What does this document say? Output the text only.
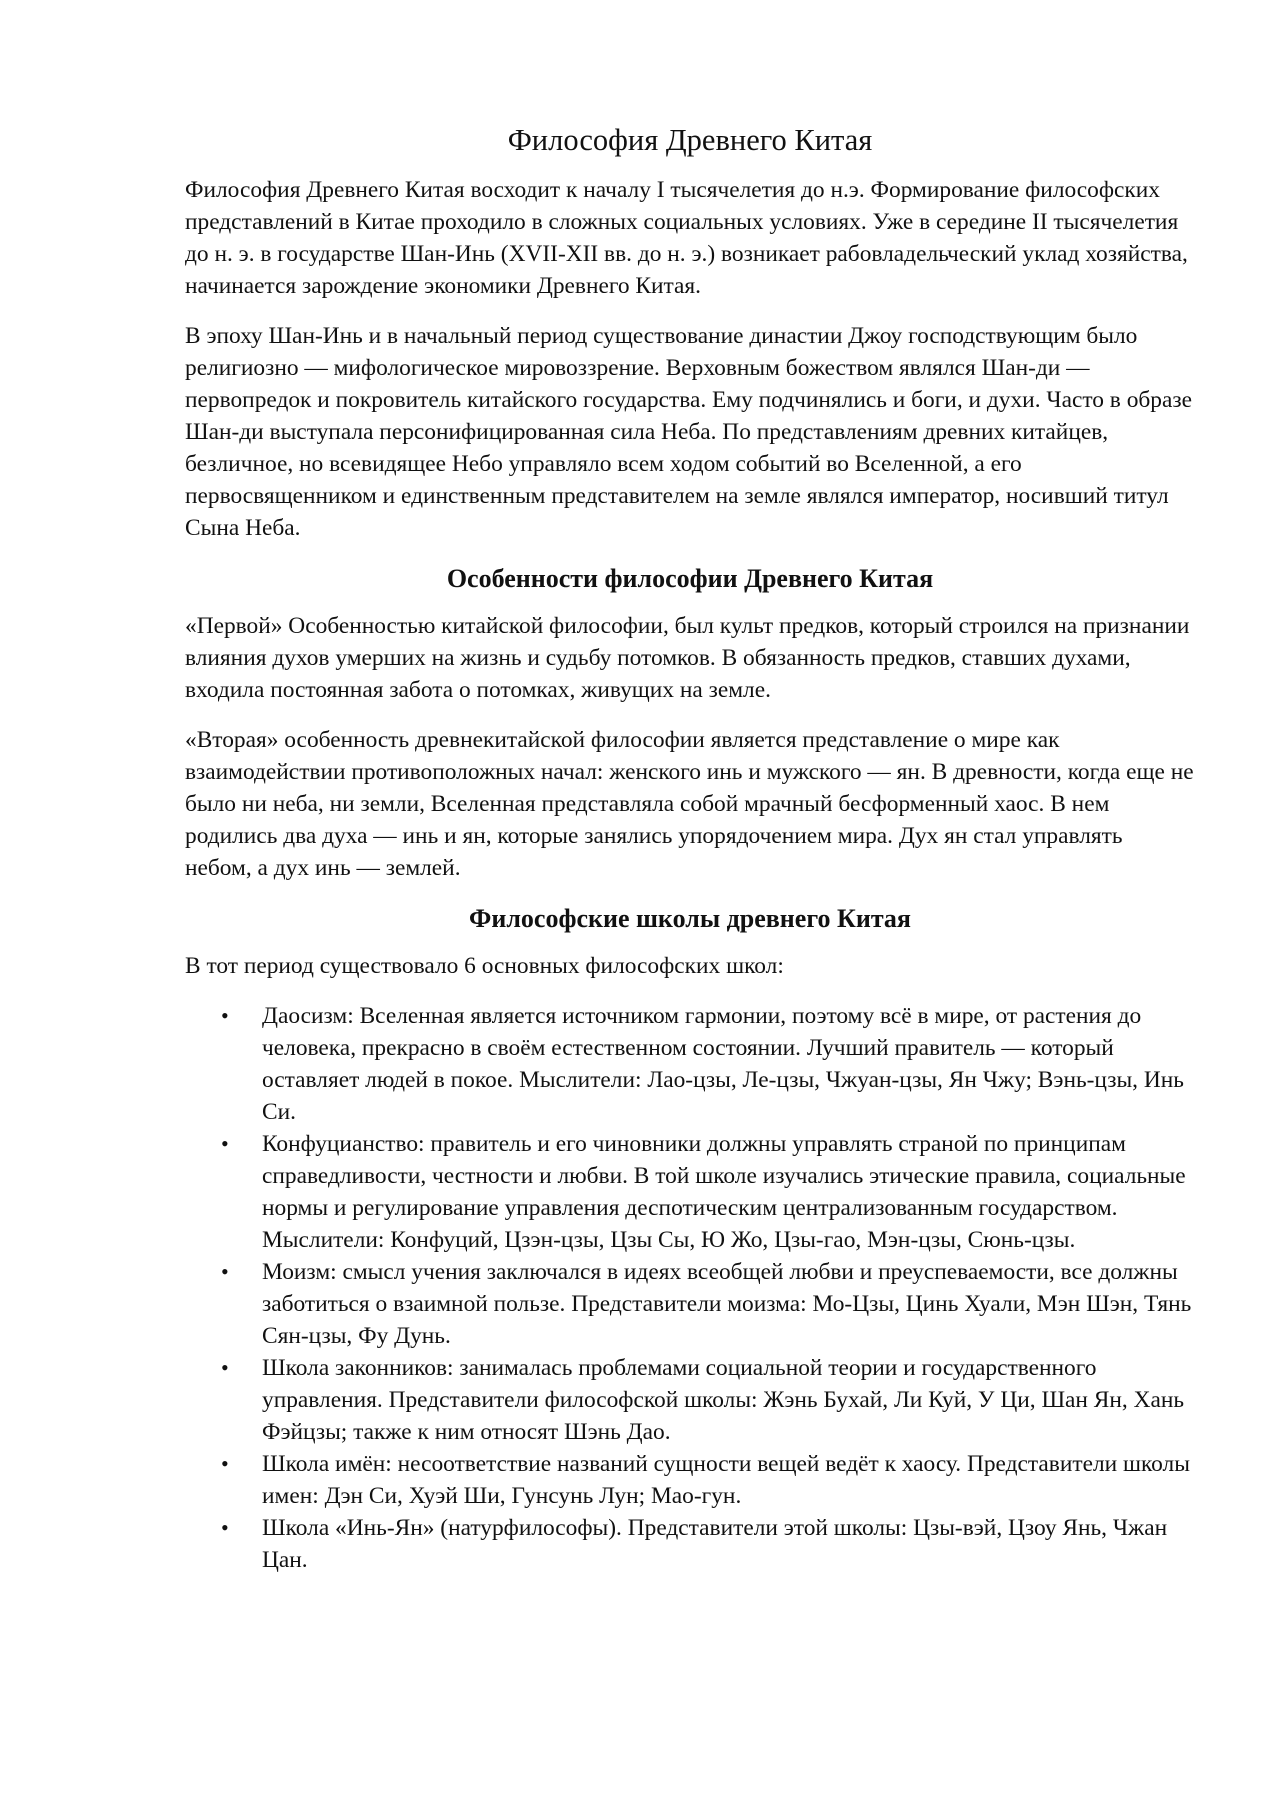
Философия Древнего Китая

Философия Древнего Китая восходит к началу I тысячелетия до н.э. Формирование философских представлений в Китае проходило в сложных социальных условиях. Уже в середине II тысячелетия до н. э. в государстве Шан-Инь (XVII-XII вв. до н. э.) возникает рабовладельческий уклад хозяйства, начинается зарождение экономики Древнего Китая.

В эпоху Шан-Инь и в начальный период существование династии Джоу господствующим было религиозно — мифологическое мировоззрение. Верховным божеством являлся Шан-ди — первопредок и покровитель китайского государства. Ему подчинялись и боги, и духи. Часто в образе Шан-ди выступала персонифицированная сила Неба. По представлениям древних китайцев, безличное, но всевидящее Небо управляло всем ходом событий во Вселенной, а его первосвященником и единственным представителем на земле являлся император, носивший титул Сына Неба.

Особенности философии Древнего Китая

«Первой» Особенностью китайской философии, был культ предков, который строился на признании влияния духов умерших на жизнь и судьбу потомков. В обязанность предков, ставших духами, входила постоянная забота о потомках, живущих на земле.

«Вторая» особенность древнекитайской философии является представление о мире как взаимодействии противоположных начал: женского инь и мужского — ян. В древности, когда еще не было ни неба, ни земли, Вселенная представляла собой мрачный бесформенный хаос. В нем родились два духа — инь и ян, которые занялись упорядочением мира. Дух ян стал управлять небом, а дух инь — землей.

Философские школы древнего Китая

В тот период существовало 6 основных философских школ:

• Даосизм: Вселенная является источником гармонии, поэтому всё в мире, от растения до человека, прекрасно в своём естественном состоянии. Лучший правитель — который оставляет людей в покое. Мыслители: Лао-цзы, Ле-цзы, Чжуан-цзы, Ян Чжу; Вэнь-цзы, Инь Си.
• Конфуцианство: правитель и его чиновники должны управлять страной по принципам справедливости, честности и любви. В той школе изучались этические правила, социальные нормы и регулирование управления деспотическим централизованным государством. Мыслители: Конфуций, Цзэн-цзы, Цзы Сы, Ю Жо, Цзы-гао, Мэн-цзы, Сюнь-цзы.
• Моизм: смысл учения заключался в идеях всеобщей любви и преуспеваемости, все должны заботиться о взаимной пользе. Представители моизма: Мо-Цзы, Цинь Хуали, Мэн Шэн, Тянь Сян-цзы, Фу Дунь.
• Школа законников: занималась проблемами социальной теории и государственного управления. Представители философской школы: Жэнь Бухай, Ли Куй, У Ци, Шан Ян, Хань Фэйцзы; также к ним относят Шэнь Дао.
• Школа имён: несоответствие названий сущности вещей ведёт к хаосу. Представители школы имен: Дэн Си, Хуэй Ши, Гунсунь Лун; Мао-гун.
• Школа «Инь-Ян» (натурфилософы). Представители этой школы: Цзы-вэй, Цзоу Янь, Чжан Цан.
